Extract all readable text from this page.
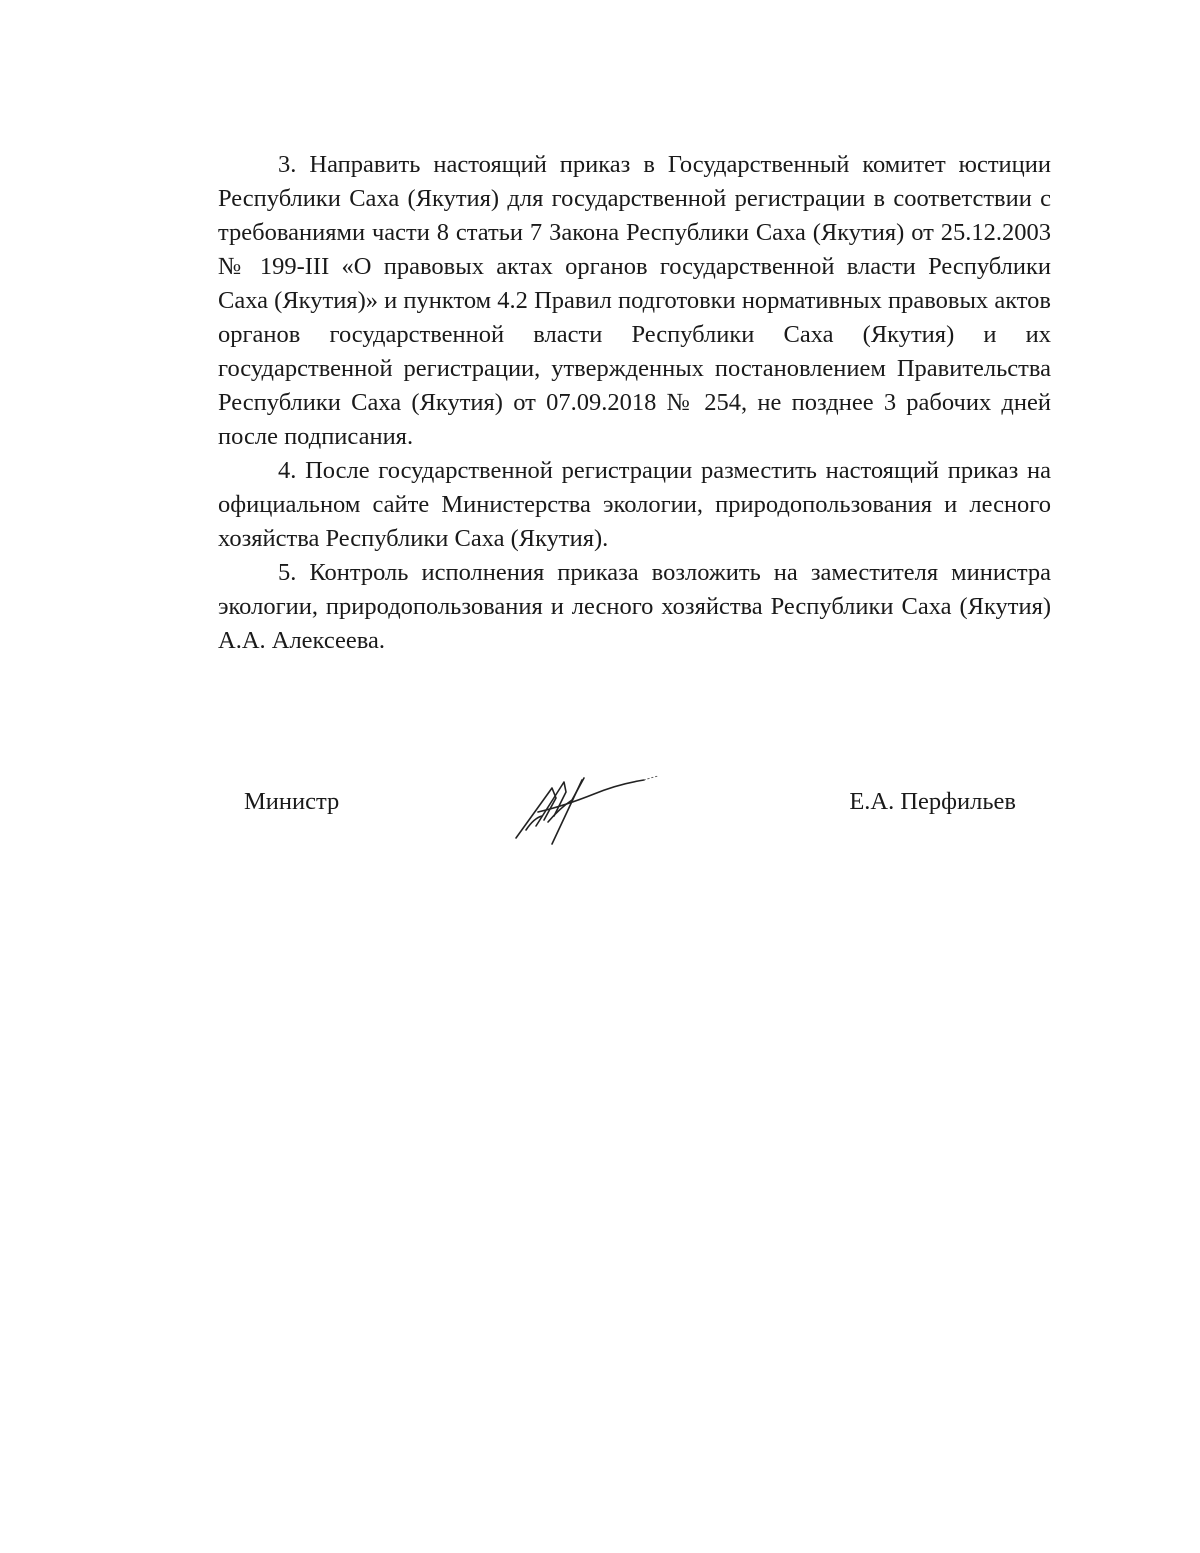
3. Направить настоящий приказ в Государственный комитет юстиции Республики Саха (Якутия) для государственной регистрации в соответствии с требованиями части 8 статьи 7 Закона Республики Саха (Якутия) от 25.12.2003 № 199-III «О правовых актах органов государственной власти Республики Саха (Якутия)» и пунктом 4.2 Правил подготовки нормативных правовых актов органов государственной власти Республики Саха (Якутия) и их государственной регистрации, утвержденных постановлением Правительства Республики Саха (Якутия) от 07.09.2018 № 254, не позднее 3 рабочих дней после подписания.

4. После государственной регистрации разместить настоящий приказ на официальном сайте Министерства экологии, природопользования и лесного хозяйства Республики Саха (Якутия).

5. Контроль исполнения приказа возложить на заместителя министра экологии, природопользования и лесного хозяйства Республики Саха (Якутия) А.А. Алексеева.

Министр	Е.А. Перфильев
